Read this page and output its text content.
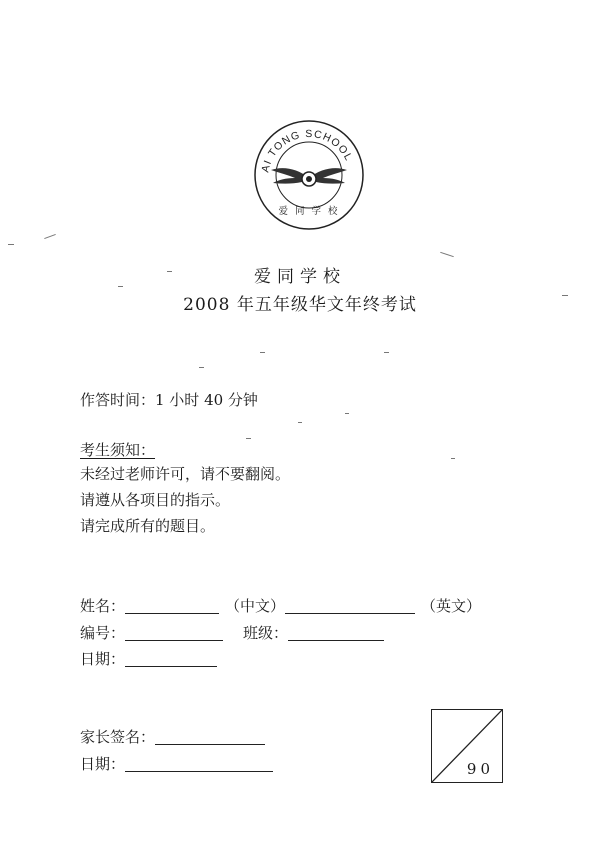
AI TONG SCHOOL
爱 同 学 校
爱同学校
2008 年五年级华文年终考试
作答时间：1 小时 40 分钟
考生须知：
未经过老师许可，请不要翻阅。
请遵从各项目的指示。
请完成所有的题目。
姓名：	（中文）	（英文）
编号：	班级：
日期：
家长签名：
日期：	90
